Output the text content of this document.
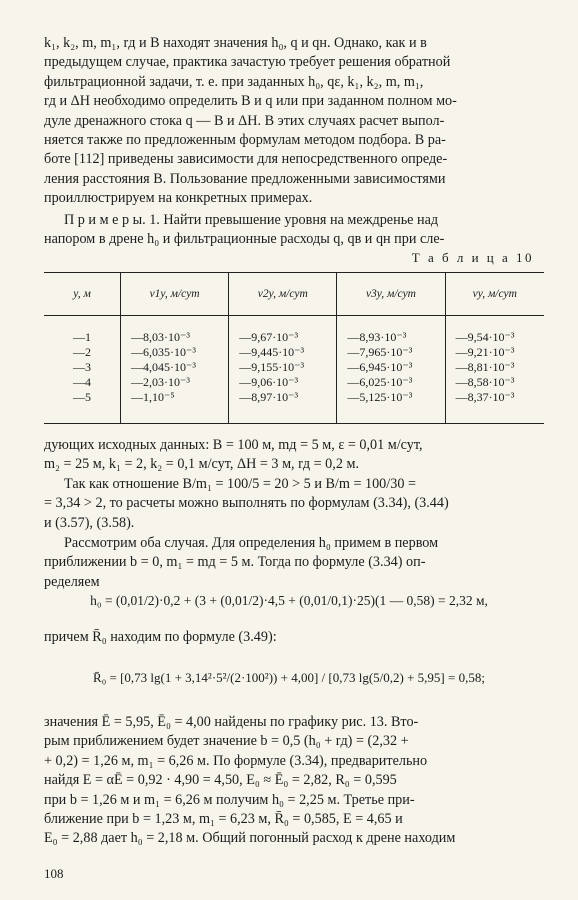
k₁, k₂, m, m₁, rд и B находят значения h₀, q и qн. Однако, как и в
предыдущем случае, практика зачастую требует решения обратной
фильтрационной задачи, т. е. при заданных h₀, qε, k₁, k₂, m, m₁,
rд и ΔH необходимо определить B и q или при заданном полном мо-
дуле дренажного стока q — B и ΔH. В этих случаях расчет выпол-
няется также по предложенным формулам методом подбора. В ра-
боте [112] приведены зависимости для непосредственного опреде-
ления расстояния B. Пользование предложенными зависимостями
проиллюстрируем на конкретных примерах.

П р и м е р ы. 1. Найти превышение уровня на междренье над
напором в дрене h₀ и фильтрационные расходы q, qв и qн при сле-

Т а б л и ц а 10
y, м	v1y, м/сут	v2y, м/сут	v3y, м/сут	vy, м/сут
—1	—8,03·10⁻³	—9,67·10⁻³	—8,93·10⁻³	—9,54·10⁻³
—2	—6,035·10⁻³	—9,445·10⁻³	—7,965·10⁻³	—9,21·10⁻³
—3	—4,045·10⁻³	—9,155·10⁻³	—6,945·10⁻³	—8,81·10⁻³
—4	—2,03·10⁻³	—9,06·10⁻³	—6,025·10⁻³	—8,58·10⁻³
—5	—1,10⁻⁵	—8,97·10⁻³	—5,125·10⁻³	—8,37·10⁻³

дующих исходных данных: B = 100 м, mд = 5 м, ε = 0,01 м/сут,
m₂ = 25 м, k₁ = 2, k₂ = 0,1 м/сут, ΔH = 3 м, rд = 0,2 м.

Так как отношение B/m₁ = 100/5 = 20 > 5 и B/m = 100/30 =
= 3,34 > 2, то расчеты можно выполнять по формулам (3.34), (3.44)
и (3.57), (3.58).

Рассмотрим оба случая. Для определения h₀ примем в первом
приближении b = 0, m₁ = mд = 5 м. Тогда по формуле (3.34) оп-
ределяем

h₀ = (0,01/2)·0,2 + (3 + (0,01/2)·4,5 + (0,01/0,1)·25)(1 — 0,58) = 2,32 м,

причем R̄₀ находим по формуле (3.49):

R̄₀ = [0,73 lg(1 + 3,14²·5²/(2·100²)) + 4,00] / [0,73 lg(5/0,2) + 5,95] = 0,58;

значения Ē = 5,95, Ē₀ = 4,00 найдены по графику рис. 13. Вто-
рым приближением будет значение b = 0,5 (h₀ + rд) = (2,32 +
+ 0,2) = 1,26 м, m₁ = 6,26 м. По формуле (3.34), предварительно
найдя E = αĒ = 0,92 · 4,90 = 4,50, E₀ ≈ Ē₀ = 2,82, R₀ = 0,595
при b = 1,26 м и m₁ = 6,26 м получим h₀ = 2,25 м. Третье при-
ближение при b = 1,23 м, m₁ = 6,23 м, R̄₀ = 0,585, E = 4,65 и
E₀ = 2,88 дает h₀ = 2,18 м. Общий погонный расход к дрене находим

108
